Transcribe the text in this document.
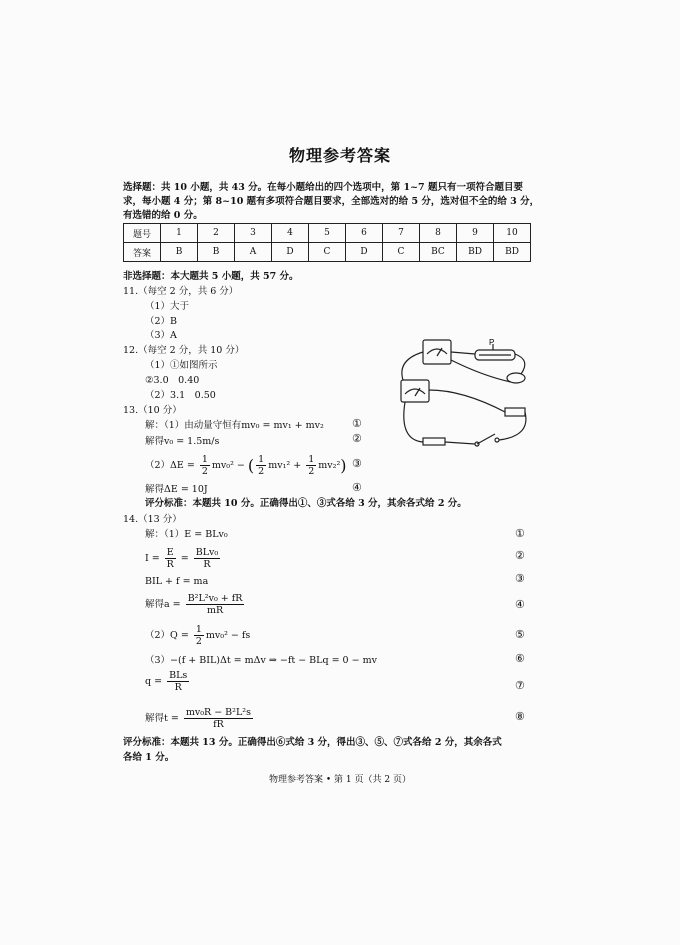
物理参考答案
选择题：共 10 小题，共 43 分。在每小题给出的四个选项中，第 1~7 题只有一项符合题目要
求，每小题 4 分；第 8~10 题有多项符合题目要求，全部选对的给 5 分，选对但不全的给 3 分，
有选错的给 0 分。
题号	1	2	3	4	5	6	7	8	9	10
答案	B	B	A	D	C	D	C	BC	BD	BD
非选择题：本大题共 5 小题，共 57 分。
11.（每空 2 分，共 6 分）
（1）大于
（2）B
（3）A
12.（每空 2 分，共 10 分）
（1）①如图所示
②3.0　0.40
（2）3.1　0.50
P
13.（10 分）
解：（1）由动量守恒有mv₀ = mv₁ + mv₂	①
解得v₀ = 1.5m/s	②
$(2)\Delta E = \frac{1}{2} mv_0^2$ − ( $\frac{1}{2} mv_1^2 + \frac{1}{2} mv_2^2$) ③
解得ΔE = 10J	④
评分标准：本题共 10 分。正确得出①、③式各给 3 分，其余各式给 2 分。
14.（13 分）
解：（1）E = BLv₀	①
$I = \frac{E}{R} = \frac{\text{BLv₀}}{R}$	②
BIL + f = ma	③
解得$a = \frac{\text{B²L²v₀ + fR}}{mR}$	④
$(2)Q = \frac{1}{2} mv_0^2$ − fs	⑤
（3）−(f + BIL)Δt = mΔv ⇒ −ft − BLq = 0 − mv	⑥
$q = \frac{\text{BLs}}{R}$	⑦
解得$t = \frac{\text{mv₀R − B²L²s}}{fR}$	⑧
评分标准：本题共 13 分。正确得出⑥式给 3 分，得出③、⑤、⑦式各给 2 分，其余各式
各给 1 分。
物理参考答案 • 第 1 页（共 2 页）
